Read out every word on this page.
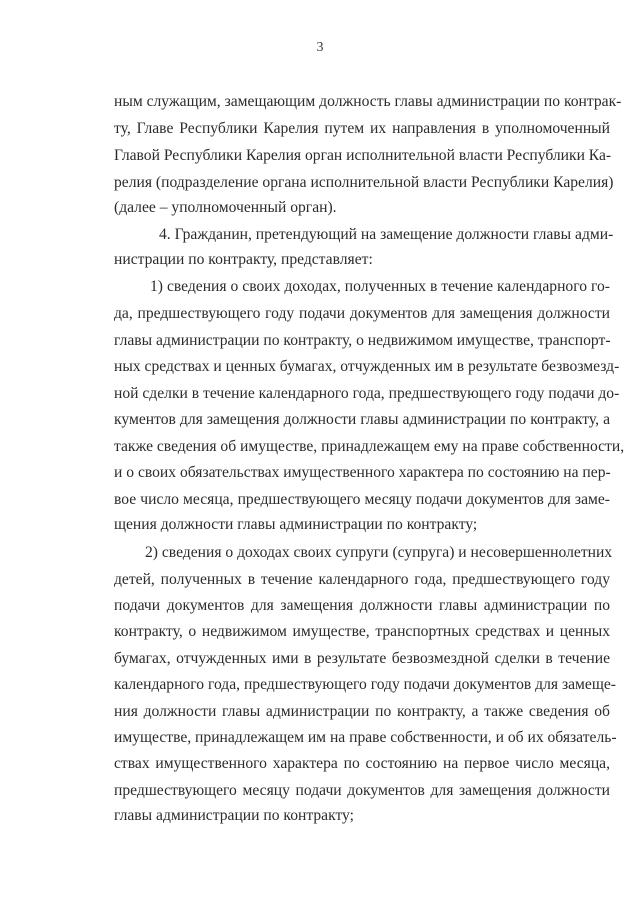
3

ным служащим, замещающим должность главы администрации по контрак-

ту, Главе Республики Карелия путем их направления в уполномоченный

Главой Республики Карелия орган исполнительной власти Республики Ка-

релия (подразделение органа исполнительной власти Республики Карелия)

(далее – уполномоченный орган).

4. Гражданин, претендующий на замещение должности главы адми-

нистрации по контракту, представляет:

1) сведения о своих доходах, полученных в течение календарного го-

да, предшествующего году подачи документов для замещения должности

главы администрации по контракту, о недвижимом имуществе, транспорт-

ных средствах и ценных бумагах, отчужденных им в результате безвозмезд-

ной сделки в течение календарного года, предшествующего году подачи до-

кументов для замещения должности главы администрации по контракту, а

также сведения об имуществе, принадлежащем ему на праве собственности,

и о своих обязательствах имущественного характера по состоянию на пер-

вое число месяца, предшествующего месяцу подачи документов для заме-

щения должности главы администрации по контракту;

2) сведения о доходах своих супруги (супруга) и несовершеннолетних

детей, полученных в течение календарного года, предшествующего году

подачи документов для замещения должности главы администрации по

контракту, о недвижимом имуществе, транспортных средствах и ценных

бумагах, отчужденных ими в результате безвозмездной сделки в течение

календарного года, предшествующего году подачи документов для замеще-

ния должности главы администрации по контракту, а также сведения об

имуществе, принадлежащем им на праве собственности, и об их обязатель-

ствах имущественного характера по состоянию на первое число месяца,

предшествующего месяцу подачи документов для замещения должности

главы администрации по контракту;
